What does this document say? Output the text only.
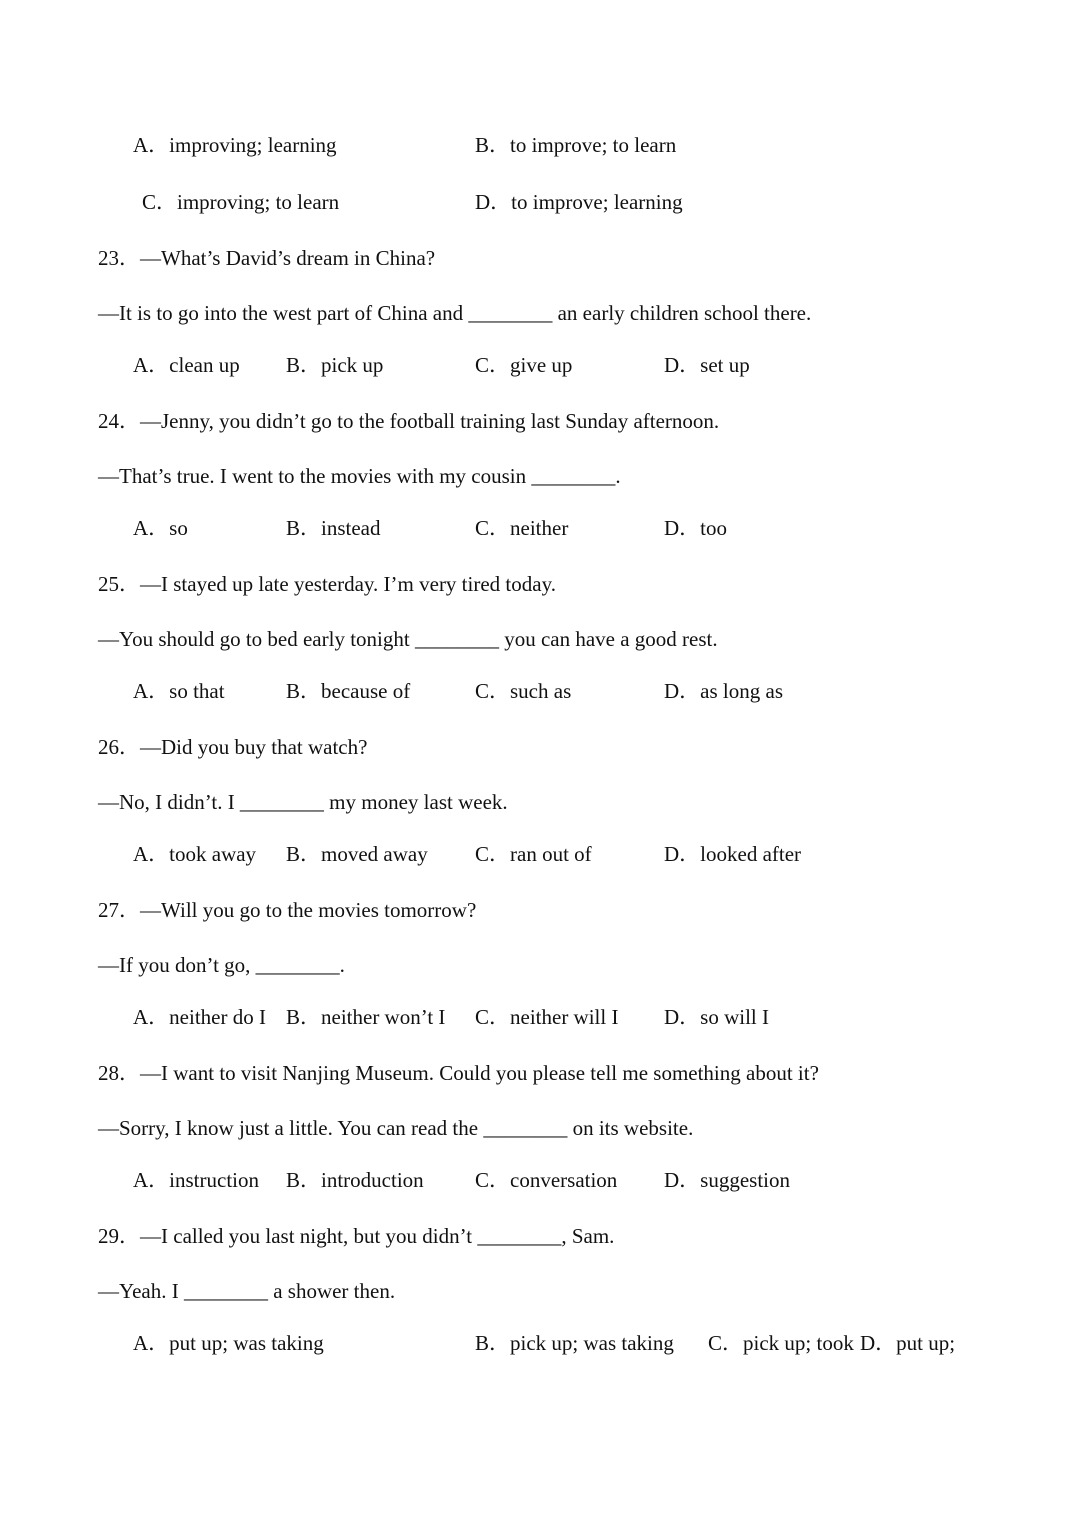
A．improving; learning	B．to improve; to learn
C．improving; to learn	D．to improve; learning
23．—What’s David’s dream in China?
—It is to go into the west part of China and ________ an early children school there.
A．clean up B．pick up	C．give up	D．set up
24．—Jenny, you didn’t go to the football training last Sunday afternoon.
—That’s true. I went to the movies with my cousin ________.
A．so	B．instead	C．neither	D．too
25．—I stayed up late yesterday. I’m very tired today.
—You should go to bed early tonight ________ you can have a good rest.
A．so that	B．because of	C．such as	D．as long as
26．—Did you buy that watch?
—No, I didn’t. I ________ my money last week.
A．took away B．moved away C．ran out of	D．looked after
27．—Will you go to the movies tomorrow?
—If you don’t go, ________.
A．neither do I B．neither won’t I C．neither will I D．so will I
28．—I want to visit Nanjing Museum. Could you please tell me something about it?
—Sorry, I know just a little. You can read the ________ on its website.
A．instruction B．introduction C．conversation D．suggestion
29．—I called you last night, but you didn’t ________, Sam.
—Yeah. I ________ a shower then.
A．put up; was taking	B．pick up; was taking C．pick up; took D．put up;
